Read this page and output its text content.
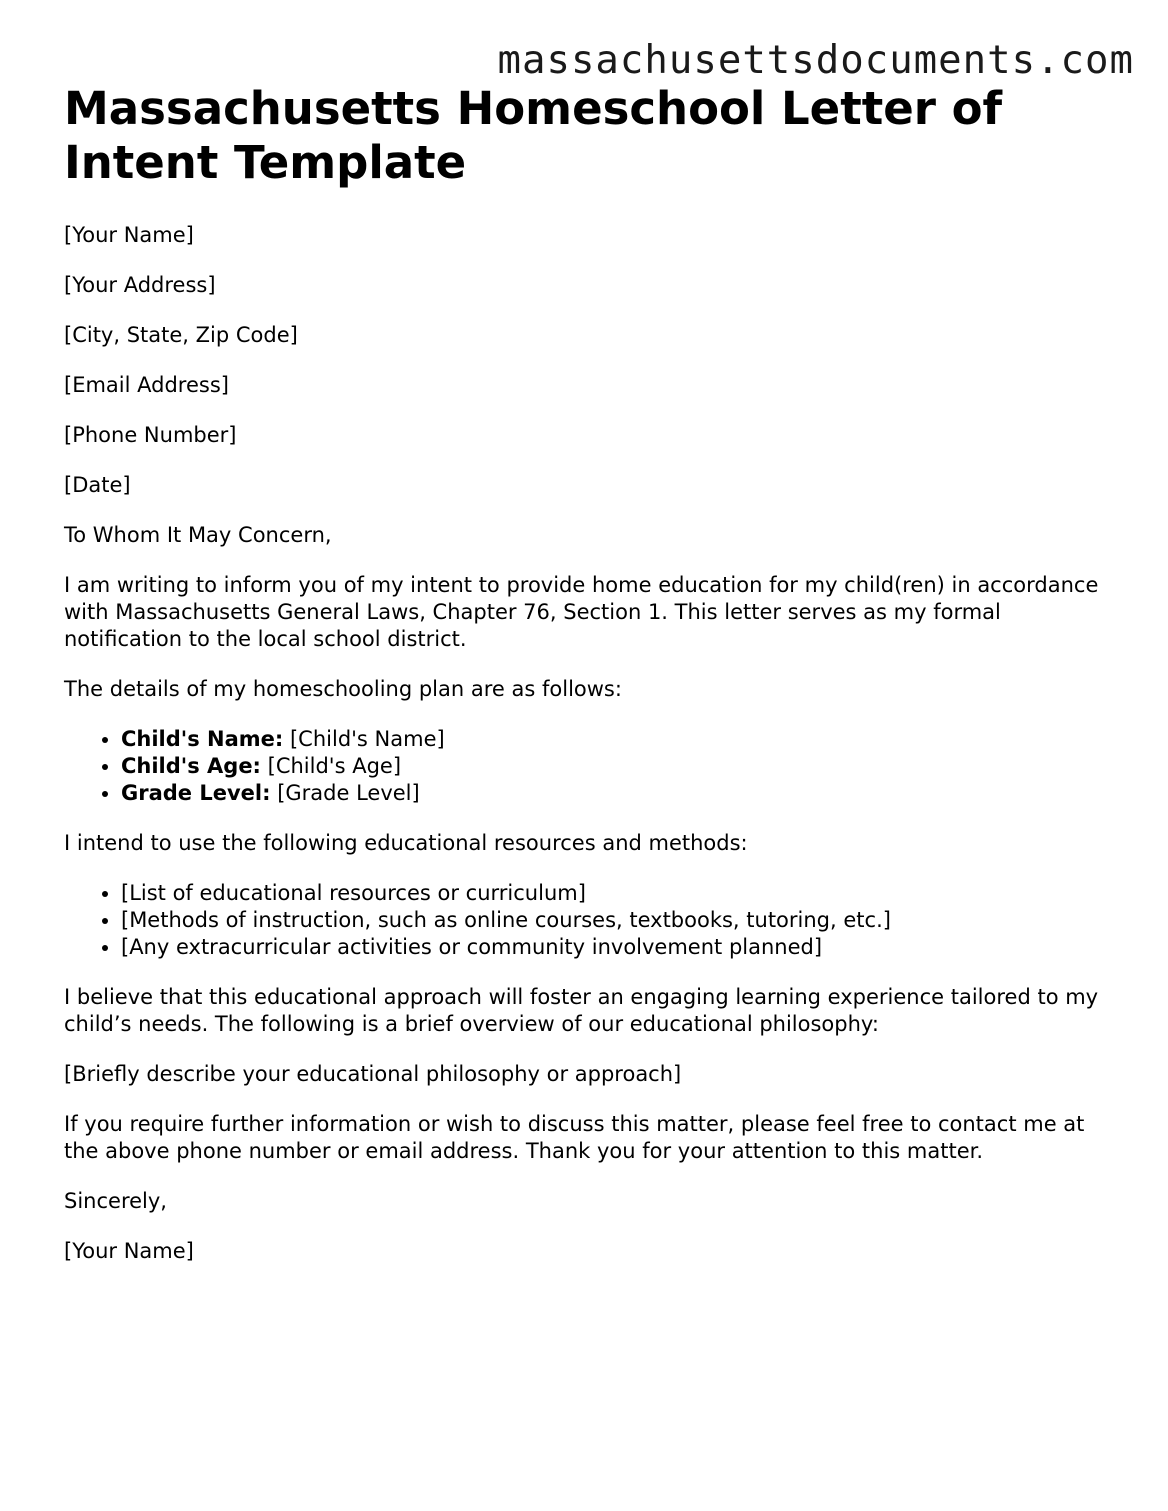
massachusettsdocuments.com
Massachusetts Homeschool Letter of Intent Template

[Your Name]

[Your Address]

[City, State, Zip Code]

[Email Address]

[Phone Number]

[Date]

To Whom It May Concern,

I am writing to inform you of my intent to provide home education for my child(ren) in accordance with Massachusetts General Laws, Chapter 76, Section 1. This letter serves as my formal notification to the local school district.

The details of my homeschooling plan are as follows:

• Child's Name: [Child's Name]
• Child's Age: [Child's Age]
• Grade Level: [Grade Level]

I intend to use the following educational resources and methods:

• [List of educational resources or curriculum]
• [Methods of instruction, such as online courses, textbooks, tutoring, etc.]
• [Any extracurricular activities or community involvement planned]

I believe that this educational approach will foster an engaging learning experience tailored to my child’s needs. The following is a brief overview of our educational philosophy:

[Briefly describe your educational philosophy or approach]

If you require further information or wish to discuss this matter, please feel free to contact me at the above phone number or email address. Thank you for your attention to this matter.

Sincerely,

[Your Name]
